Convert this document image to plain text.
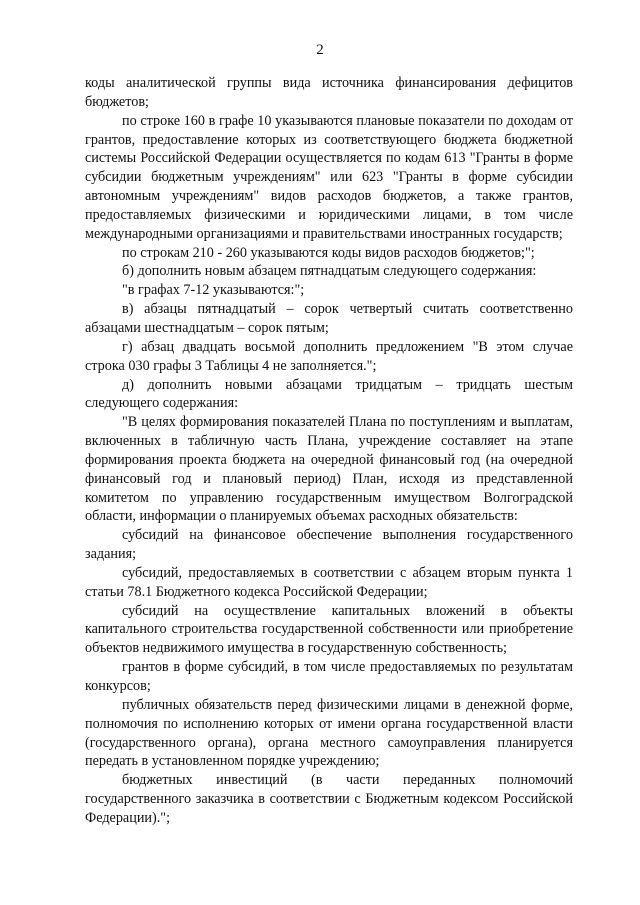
2

коды аналитической группы вида источника финансирования дефицитов бюджетов;

по строке 160 в графе 10 указываются плановые показатели по доходам от грантов, предоставление которых из соответствующего бюджета бюджетной системы Российской Федерации осуществляется по кодам 613 "Гранты в форме субсидии бюджетным учреждениям" или 623 "Гранты в форме субсидии автономным учреждениям" видов расходов бюджетов, а также грантов, предоставляемых физическими и юридическими лицами, в том числе международными организациями и правительствами иностранных государств;

по строкам 210 - 260 указываются коды видов расходов бюджетов;";

б) дополнить новым абзацем пятнадцатым следующего содержания:

"в графах 7-12 указываются:";

в) абзацы пятнадцатый – сорок четвертый считать соответственно абзацами шестнадцатым – сорок пятым;

г) абзац двадцать восьмой дополнить предложением "В этом случае строка 030 графы 3 Таблицы 4 не заполняется.";

д) дополнить новыми абзацами тридцатым – тридцать шестым следующего содержания:

"В целях формирования показателей Плана по поступлениям и выплатам, включенных в табличную часть Плана, учреждение составляет на этапе формирования проекта бюджета на очередной финансовый год (на очередной финансовый год и плановый период) План, исходя из представленной комитетом по управлению государственным имуществом Волгоградской области, информации о планируемых объемах расходных обязательств:

субсидий на финансовое обеспечение выполнения государственного задания;

субсидий, предоставляемых в соответствии с абзацем вторым пункта 1 статьи 78.1 Бюджетного кодекса Российской Федерации;

субсидий на осуществление капитальных вложений в объекты капитального строительства государственной собственности или приобретение объектов недвижимого имущества в государственную собственность;

грантов в форме субсидий, в том числе предоставляемых по результатам конкурсов;

публичных обязательств перед физическими лицами в денежной форме, полномочия по исполнению которых от имени органа государственной власти (государственного органа), органа местного самоуправления планируется передать в установленном порядке учреждению;

бюджетных инвестиций (в части переданных полномочий государственного заказчика в соответствии с Бюджетным кодексом Российской Федерации).";
